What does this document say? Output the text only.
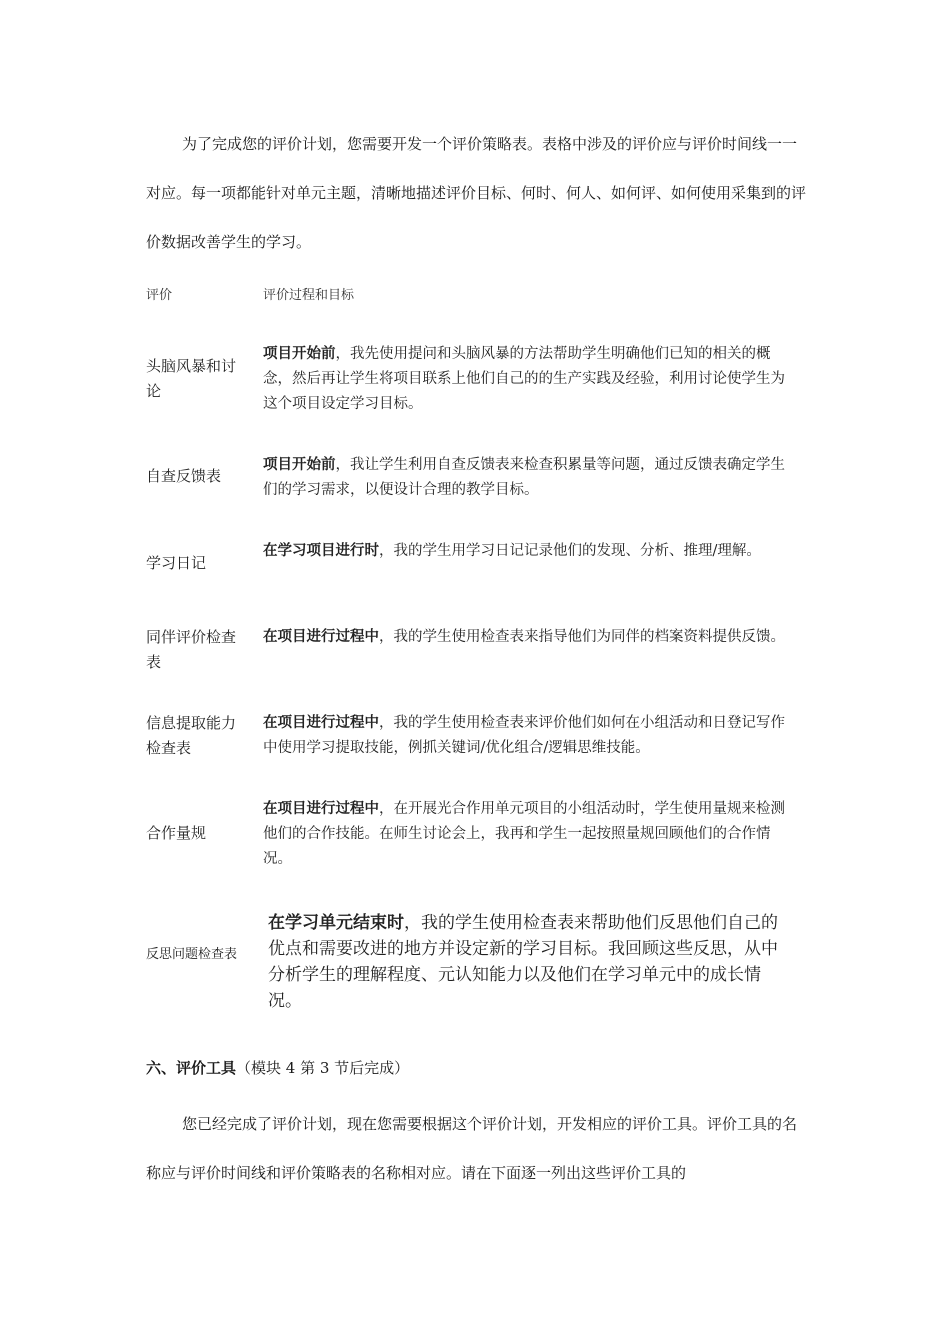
为了完成您的评价计划，您需要开发一个评价策略表。表格中涉及的评价应与评价时间线一一对应。每一项都能针对单元主题，清晰地描述评价目标、何时、何人、如何评、如何使用采集到的评价数据改善学生的学习。

评价	评价过程和目标
头脑风暴和讨论
项目开始前，我先使用提问和头脑风暴的方法帮助学生明确他们已知的相关的概念，然后再让学生将项目联系上他们自己的的生产实践及经验，利用讨论使学生为这个项目设定学习目标。
自查反馈表
项目开始前，我让学生利用自查反馈表来检查积累量等问题，通过反馈表确定学生们的学习需求，以便设计合理的教学目标。
学习日记
在学习项目进行时，我的学生用学习日记记录他们的发现、分析、推理/理解。
同伴评价检查表
在项目进行过程中，我的学生使用检查表来指导他们为同伴的档案资料提供反馈。
信息提取能力检查表
在项目进行过程中，我的学生使用检查表来评价他们如何在小组活动和日登记写作中使用学习提取技能，例抓关键词/优化组合/逻辑思维技能。
合作量规
在项目进行过程中，在开展光合作用单元项目的小组活动时，学生使用量规来检测他们的合作技能。在师生讨论会上，我再和学生一起按照量规回顾他们的合作情况。
反思问题检查表
在学习单元结束时，我的学生使用检查表来帮助他们反思他们自己的优点和需要改进的地方并设定新的学习目标。我回顾这些反思，从中分析学生的理解程度、元认知能力以及他们在学习单元中的成长情况。

六、评价工具（模块 4 第 3 节后完成）

您已经完成了评价计划，现在您需要根据这个评价计划，开发相应的评价工具。评价工具的名称应与评价时间线和评价策略表的名称相对应。请在下面逐一列出这些评价工具的
